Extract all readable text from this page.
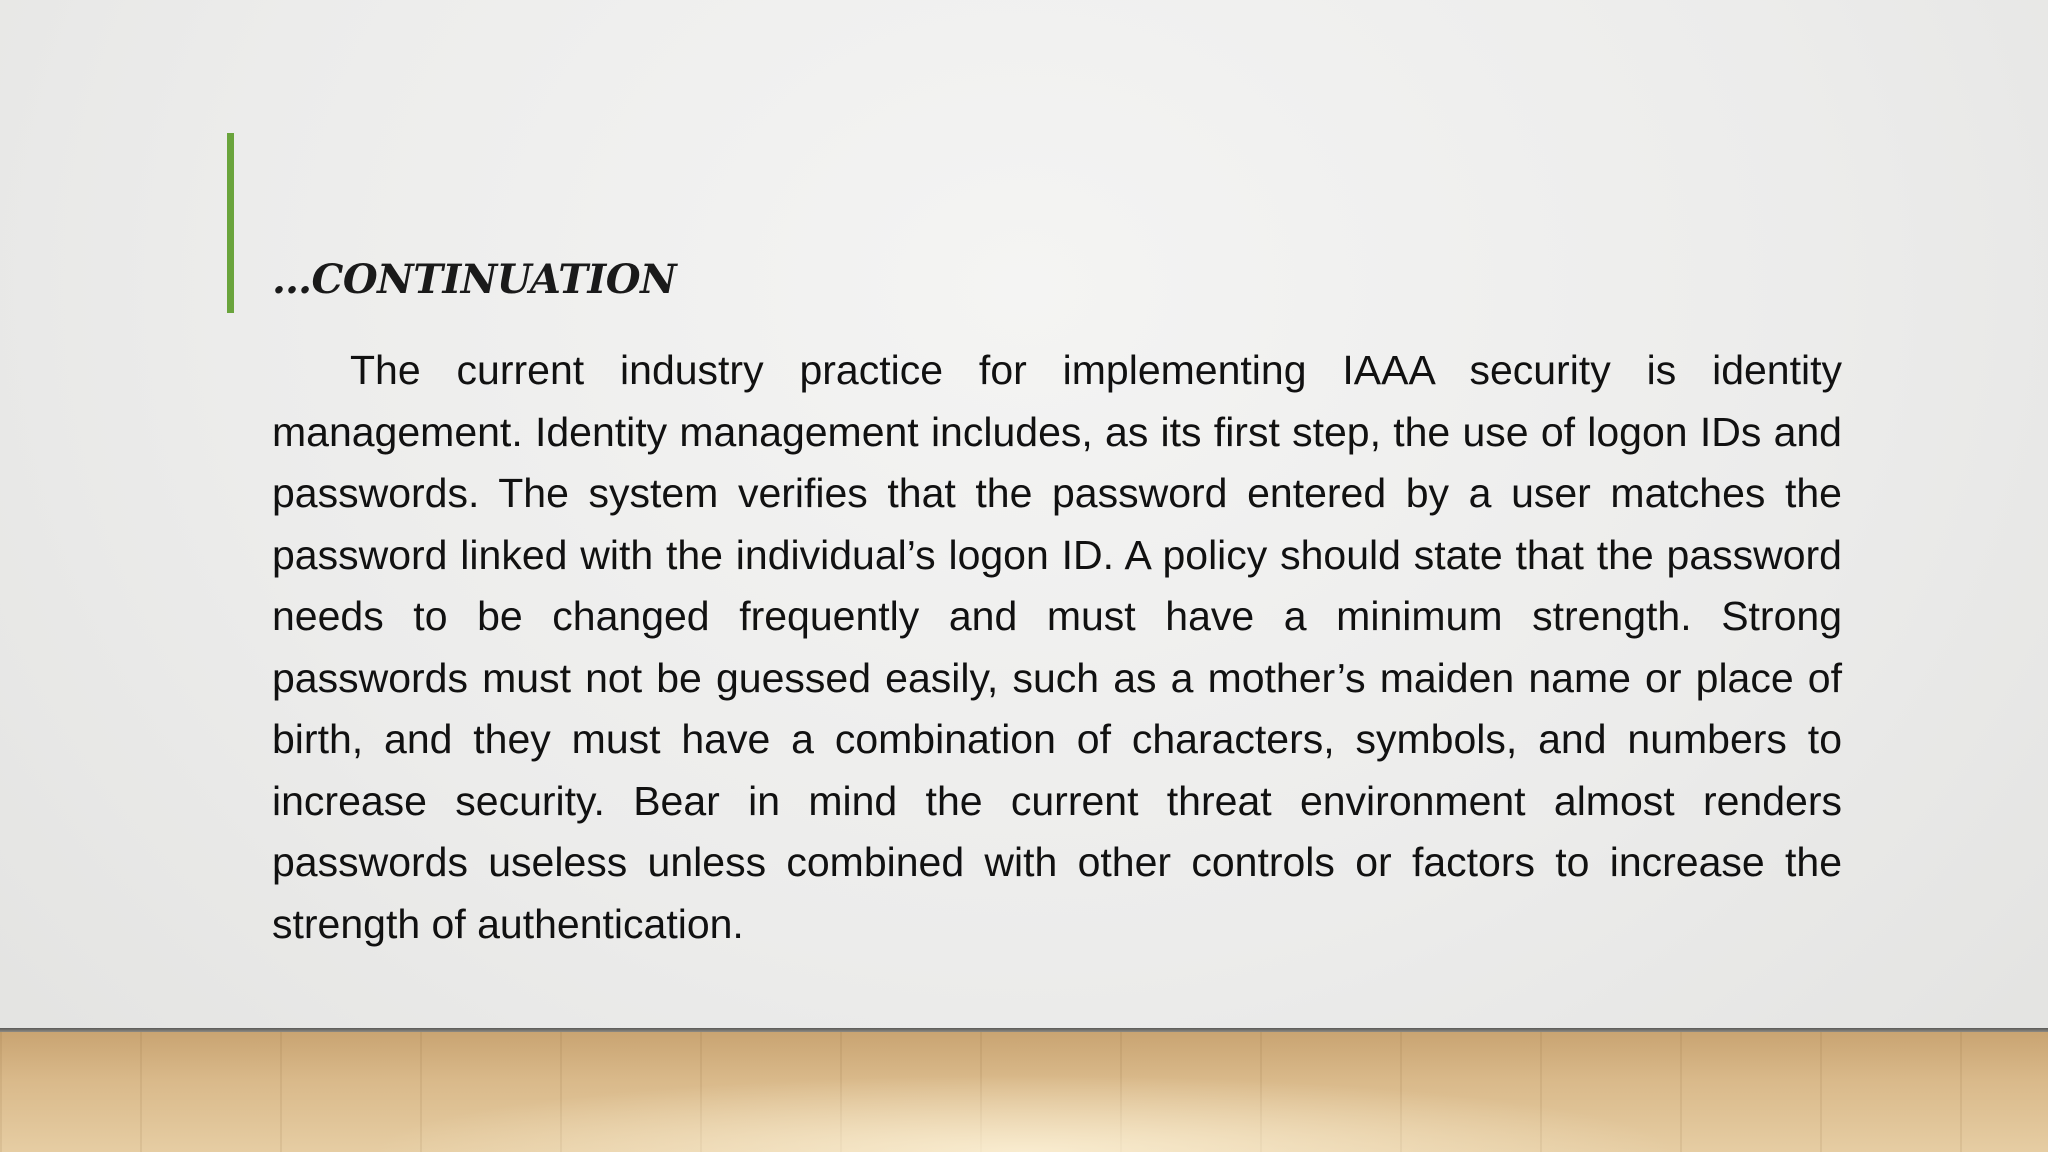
…CONTINUATION

The current industry practice for implementing IAAA security is identity management. Identity management includes, as its first step, the use of logon IDs and passwords. The system verifies that the password entered by a user matches the password linked with the individual’s logon ID. A policy should state that the password needs to be changed frequently and must have a minimum strength. Strong passwords must not be guessed easily, such as a mother’s maiden name or place of birth, and they must have a combination of characters, symbols, and numbers to increase security. Bear in mind the current threat environment almost renders passwords useless unless combined with other controls or factors to increase the strength of authentication.
